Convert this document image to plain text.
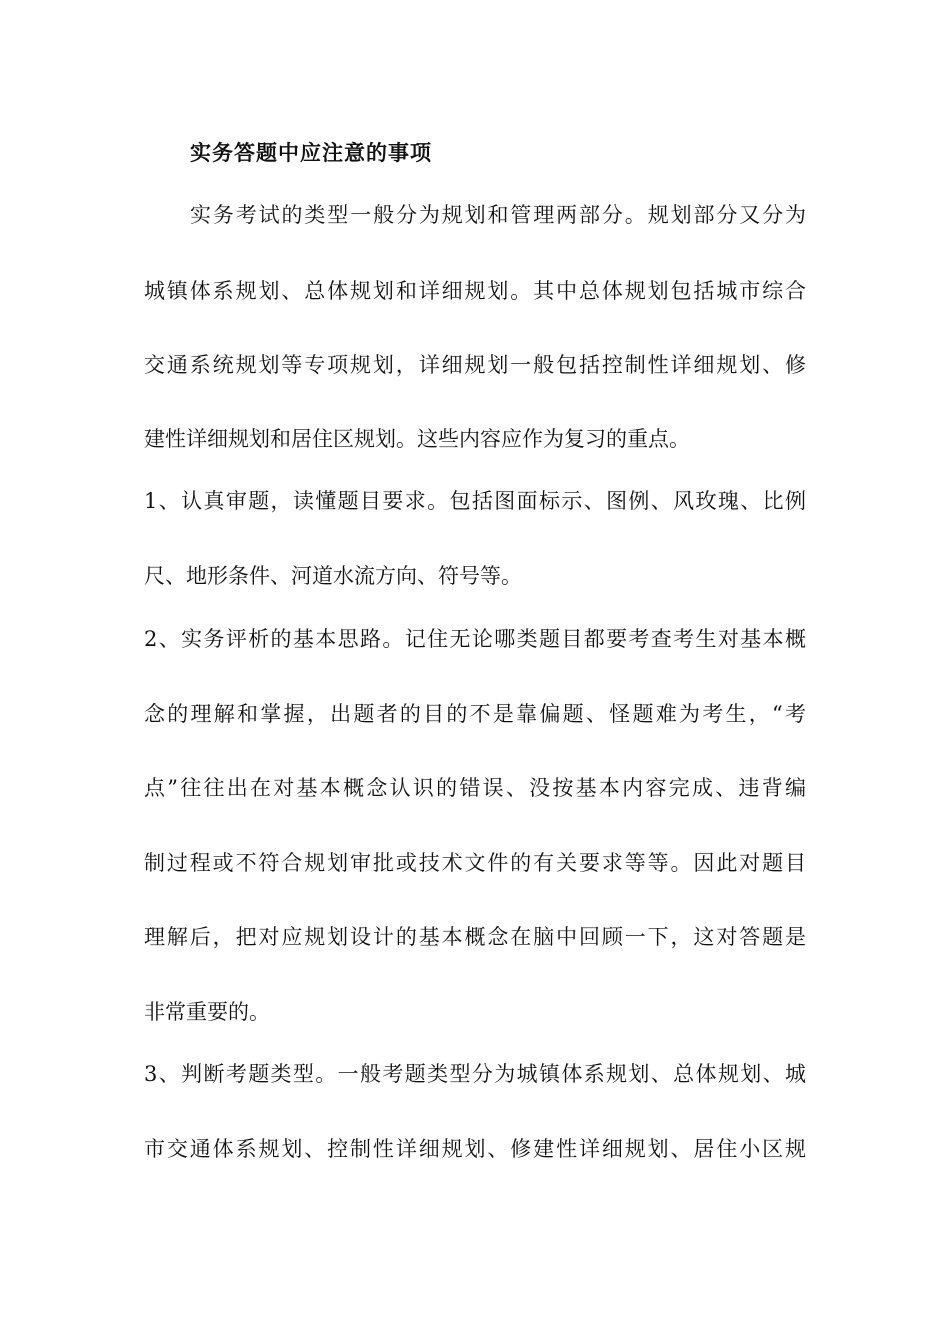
实务答题中应注意的事项
实务考试的类型一般分为规划和管理两部分。规划部分又分为
城镇体系规划、总体规划和详细规划。其中总体规划包括城市综合
交通系统规划等专项规划，详细规划一般包括控制性详细规划、修
建性详细规划和居住区规划。这些内容应作为复习的重点。
1、认真审题，读懂题目要求。包括图面标示、图例、风玫瑰、比例
尺、地形条件、河道水流方向、符号等。
2、实务评析的基本思路。记住无论哪类题目都要考查考生对基本概
念的理解和掌握，出题者的目的不是靠偏题、怪题难为考生，“考
点”往往出在对基本概念认识的错误、没按基本内容完成、违背编
制过程或不符合规划审批或技术文件的有关要求等等。因此对题目
理解后，把对应规划设计的基本概念在脑中回顾一下，这对答题是
非常重要的。
3、判断考题类型。一般考题类型分为城镇体系规划、总体规划、城
市交通体系规划、控制性详细规划、修建性详细规划、居住小区规
